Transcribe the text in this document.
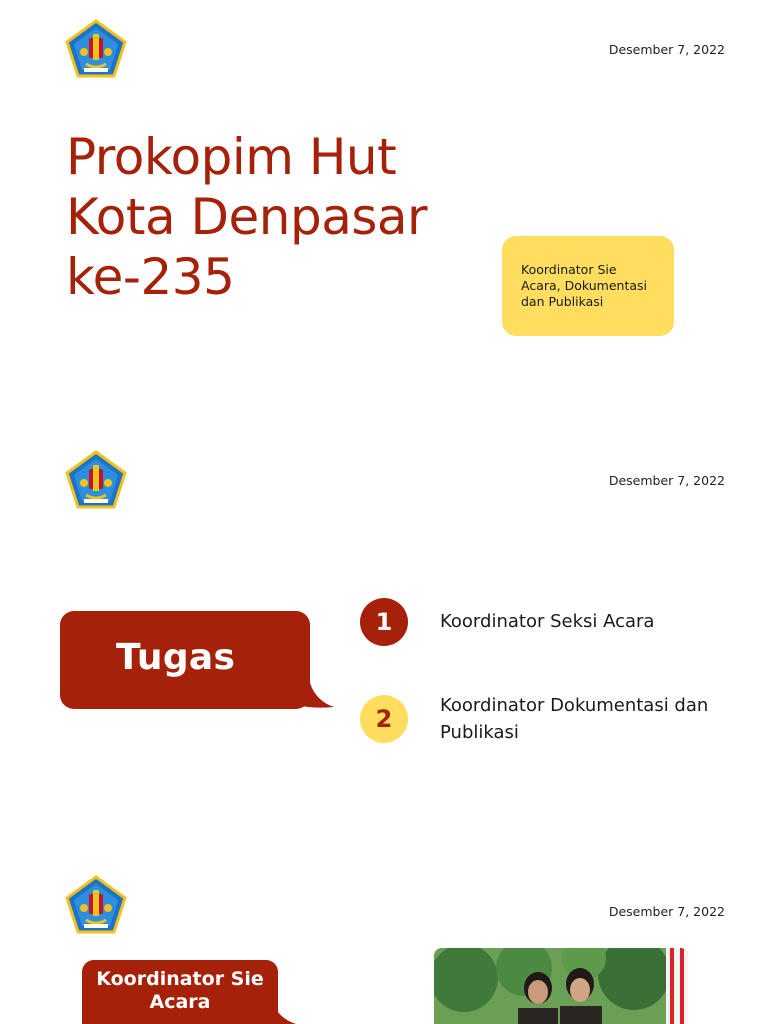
Desember 7, 2022
Prokopim Hut Kota Denpasar ke-235	Koordinator Sie Acara, Dokumentasi dan Publikasi
Desember 7, 2022
Tugas
1	Koordinator Seksi Acara
2	Koordinator Dokumentasi dan Publikasi
Desember 7, 2022
Koordinator Sie Acara
